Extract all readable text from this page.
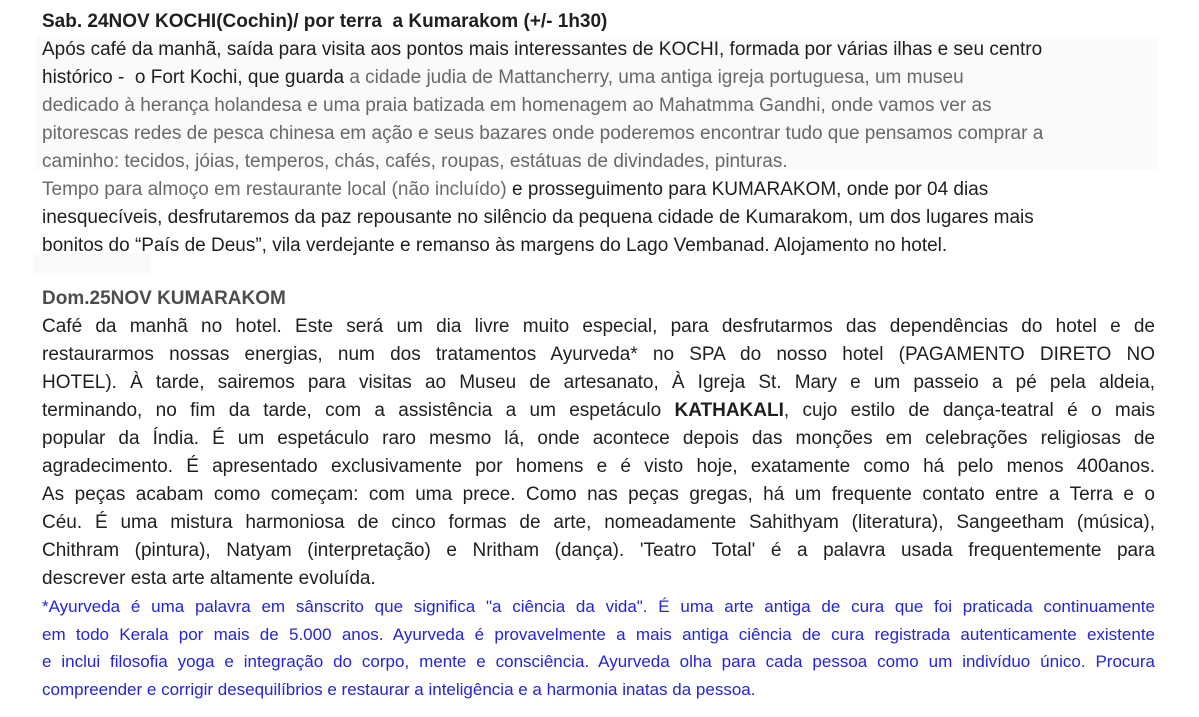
Sab. 24NOV KOCHI(Cochin)/ por terra  a Kumarakom (+/- 1h30)
Após café da manhã, saída para visita aos pontos mais interessantes de KOCHI, formada por várias ilhas e seu centro
histórico -  o Fort Kochi, que guarda a cidade judia de Mattancherry, uma antiga igreja portuguesa, um museu
dedicado à herança holandesa e uma praia batizada em homenagem ao Mahatmma Gandhi, onde vamos ver as
pitorescas redes de pesca chinesa em ação e seus bazares onde poderemos encontrar tudo que pensamos comprar a
caminho: tecidos, jóias, temperos, chás, cafés, roupas, estátuas de divindades, pinturas.
Tempo para almoço em restaurante local (não incluído) e prosseguimento para KUMARAKOM, onde por 04 dias
inesquecíveis, desfrutaremos da paz repousante no silêncio da pequena cidade de Kumarakom, um dos lugares mais
bonitos do “País de Deus”, vila verdejante e remanso às margens do Lago Vembanad. Alojamento no hotel.
Dom.25NOV KUMARAKOM
Café da manhã no hotel. Este será um dia livre muito especial, para desfrutarmos das dependências do hotel e de
restaurarmos nossas energias, num dos tratamentos Ayurveda* no SPA do nosso hotel (PAGAMENTO DIRETO NO
HOTEL). À tarde, sairemos para visitas ao Museu de artesanato, À Igreja St. Mary e um passeio a pé pela aldeia,
terminando, no fim da tarde, com a assistência a um espetáculo KATHAKALI, cujo estilo de dança-teatral é o mais
popular da Índia. É um espetáculo raro mesmo lá, onde acontece depois das monções em celebrações religiosas de
agradecimento. É apresentado exclusivamente por homens e é visto hoje, exatamente como há pelo menos 400anos.
As peças acabam como começam: com uma prece. Como nas peças gregas, há um frequente contato entre a Terra e o
Céu. É uma mistura harmoniosa de cinco formas de arte, nomeadamente Sahithyam (literatura), Sangeetham (música),
Chithram (pintura), Natyam (interpretação) e Nritham (dança). 'Teatro Total' é a palavra usada frequentemente para
descrever esta arte altamente evoluída.
*Ayurveda é uma palavra em sânscrito que significa "a ciência da vida". É uma arte antiga de cura que foi praticada continuamente
em todo Kerala por mais de 5.000 anos. Ayurveda é provavelmente a mais antiga ciência de cura registrada autenticamente existente
e inclui filosofia yoga e integração do corpo, mente e consciência. Ayurveda olha para cada pessoa como um indivíduo único. Procura
compreender e corrigir desequilíbrios e restaurar a inteligência e a harmonia inatas da pessoa.
